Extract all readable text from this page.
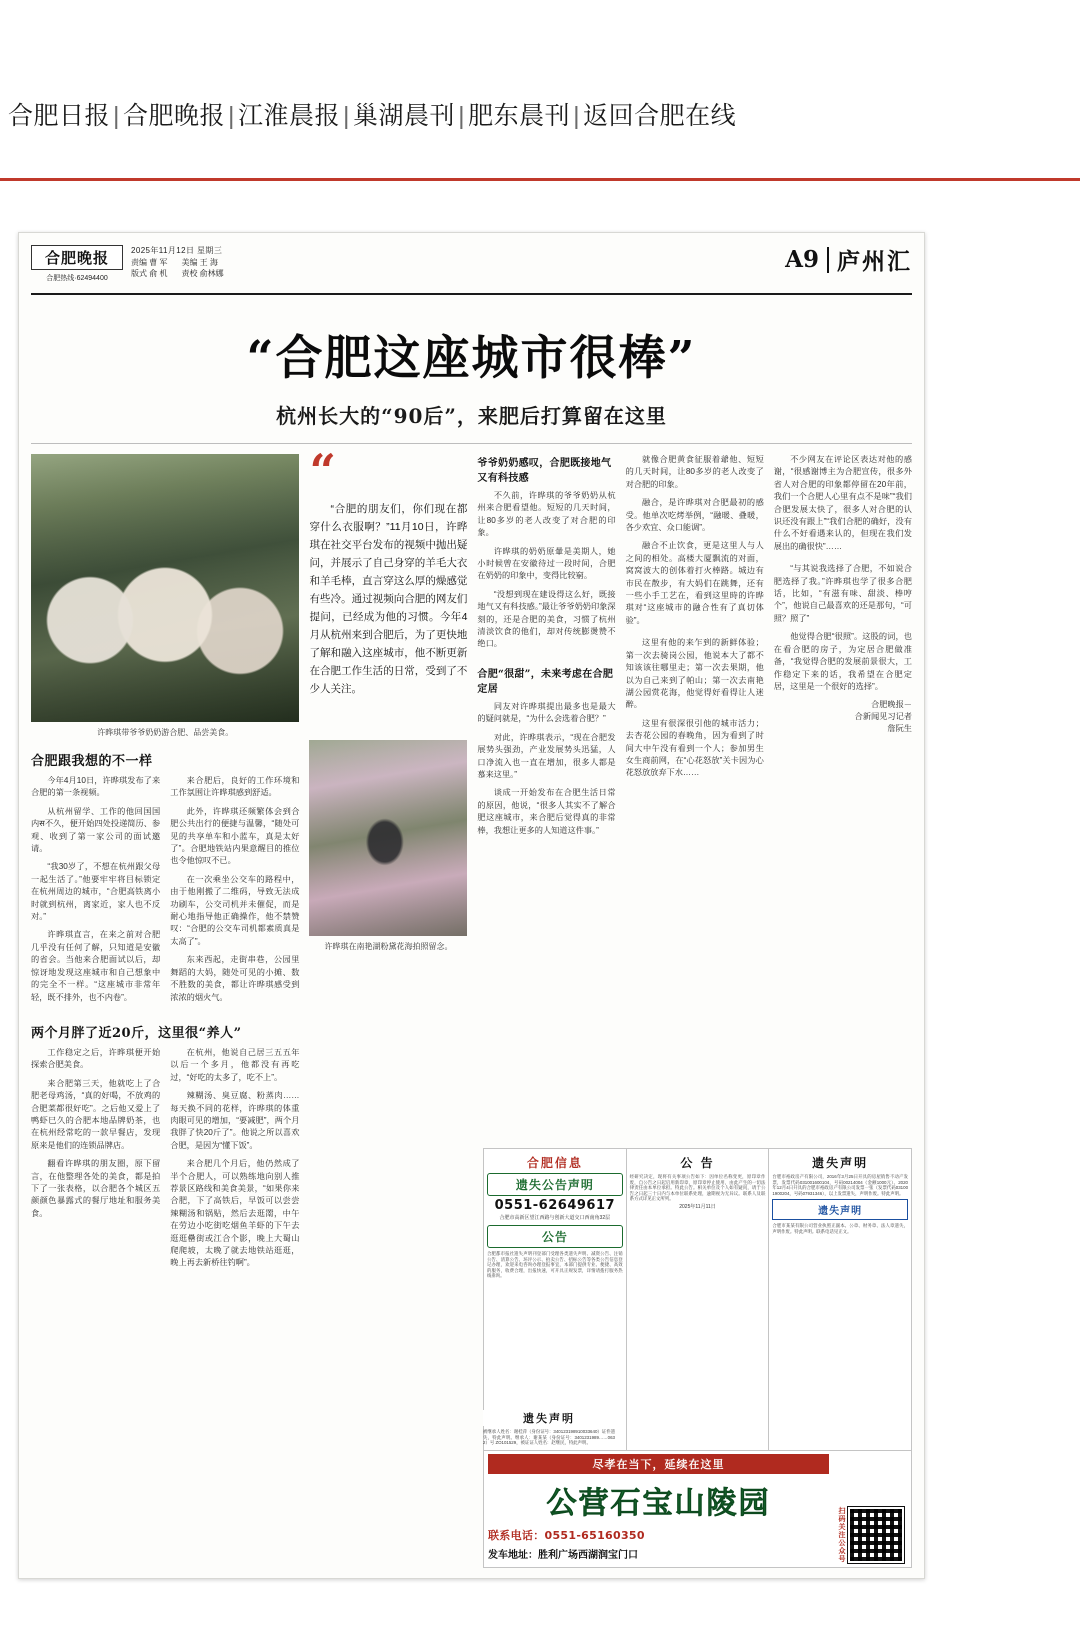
合肥日报 | 合肥晚报 | 江淮晨报 | 巢湖晨刊 | 肥东晨刊 | 返回合肥在线
合肥晚报
合肥热线·62494400
2025年11月12日 星期三
责编 曹 军
版式 俞 机
美编 王 海
责校 俞林娜
A9 庐州汇
“合肥这座城市很棒”
杭州长大的“90后”，来肥后打算留在这里
许晔琪带爷爷奶奶游合肥、品尝美食。
合肥跟我想的不一样

今年4月10日，许晔琪发布了来合肥的第一条视频。

从杭州留学、工作的他回国国内स不久，便开始四处投递简历、参观、收到了第一家公司的面试邀请。

“我30岁了，不想在杭州跟父母一起生活了。”他要牢牢将目标锁定在杭州周边的城市，“合肥高铁离小时就到杭州，离家近，家人也不反对。”

许晔琪直言，在来之前对合肥几乎没有任何了解，只知道是安徽的省会。当他来合肥面试以后，却惊讶地发现这座城市和自己想象中的完全不一样。“这座城市非常年轻，既不排外，也不内卷”。

来合肥后，良好的工作环境和工作氛围让许晔琪感到舒适。

此外，许晔琪还频繁体会到合肥公共出行的便捷与温馨，“随处可见的共享单车和小蓝车，真是太好了”。合肥地铁站内果意醒目的推位也令他惊叹不已。

在一次乘坐公交车的路程中，由于他刚搬了二维码，导致无法成功刷车，公交司机并未催促，而是耐心地指导他正确操作，他不禁赞叹：“合肥的公交车司机都素质真是太高了”。

东来西起，走街串巷，公园里舞蹈的大妈，随处可见的小摊、数不胜数的美食，都让许晔琪感受到浓浓的烟火气。

两个月胖了近20斤，这里很“养人”

工作稳定之后，许晔琪便开始探索合肥美食。

来合肥第三天，他就吃上了合肥老母鸡汤，“真的好喝，不放鸡的合肥菜都很好吃”。之后他又爱上了鸭虾巳久的合肥本地品牌奶茶，也在杭州经常吃的一款早餐店，发现原来是他们的连锁品牌店。

翻看许晔琪的朋友圈，原下留言，在他整理各处的美食，都是拍下了一张表格，以合肥各个城区五颜颜色暴露式的餐厅地址和服务美食。

在杭州，他说自己居三五五年以后一个多月，他都没有再吃过，“好吃的太多了，吃不上”。

辣糊汤、臭豆腐、粉蒸肉……每天换不同的花样，许晔琪的体重肉眼可见的增加，“要减肥”，两个月我胖了快20斤了”。他说之所以喜欢合肥，是因为“懂下饭”。

来合肥几个月后，他仍然成了半个合肥人，可以熟练地向别人推荐景区路线和美食美景，“如果你来合肥，下了高铁后，早饭可以尝尝辣糊汤和锅贴，然后去逛罱，中午在劳边小吃街吃烟鱼羊虾的下午去逛逛罍街或江合个影，晚上大蜀山爬爬坡，太晚了就去地铁站逛逛，晚上再去新桥往钓啊”。

“

“合肥的朋友们，你们现在都穿什么衣服啊？”11月10日，许晔琪在社交平台发布的视频中抛出疑问，并展示了自己身穿的羊毛大衣和羊毛棒，直言穿这么厚的燥感觉有些冷。通过视频向合肥的网友们提问，已经成为他的习惯。今年4月从杭州来到合肥后，为了更快地了解和融入这座城市，他不断更新在合肥工作生活的日常，受到了不少人关注。

许晔琪在南艳湖粉黛花海拍照留念。
爷爷奶奶感叹，合肥既接地气又有科技感

不久前，许晔琪的爷爷奶奶从杭州来合肥看望他。短短的几天时间，让80多岁的老人改变了对合肥的印象。

许晔琪的奶奶原暈是美期人，她小时候曾在安徽待过一段时间，合肥在奶奶的印象中，变得比较窮。

“没想到现在建设得这么好，既接地气又有科技感。”最让爷爷奶奶印象深刻的，还是合肥的美食，习惯了杭州清淡饮食的他们，却对传统膨燙赞不绝口。

合肥“很甜”，未来考虑在合肥定居

同友对许晔琪提出最多也是最大的疑问就是，“为什么会选着合肥？”

对此，许晔琪表示，“现在合肥发展势头强劲，产业发展势头迅猛，人口净流入也一直在增加，很多人都是慕来这里。”

谈成一开始发布在合肥生活日常的原因，他说，“很多人其实不了解合肥这座城市，来合肥后觉得真的非常棒，我想让更多的人知道这件事。”

就像合肥黄食征服着爺他、短短的几天时间，让80多岁的老人改变了对合肥的印象。

融合，是许晔琪对合肥最初的感受。他单次吃烤举例，“融暖、叠暖，各少欢宜、众口能调”。

融合不止饮食，更是这里人与人之间的相处。高楼大厦飘流的对面，窝窝波大的创体着打火棒路。城边有市民在散步，有大妈们在跳舞，还有一些小手工艺在，看到这里時的许晔琪对“这座城市的融合性有了真切体验”。

这里有他的来乍到的新鲜体验；第一次去骑岗公园，他说本大了都不知该该往哪里走；第一次去果期，他以为自己来到了帕山；第一次去南艳湖公园赏花海，他觉得好看得让人迷醉。

这里有很深很引他的城市活力；去杏花公园的春晚角，因为看到了时间大中午没有看到一个人；参加男生女生商前网，在“心花怒放”关卡因为心花怒放放弃下水……

不少网友在评论区表达对他的感谢，“很感谢博主为合肥宣传，很多外省人对合肥的印象都停留在20年前，我们一个合肥人心里有点不是味”“我们合肥发展太快了，很多人对合肥的认识还没有跟上”“我们合肥的确好，没有什么不好看遇来认的，但现在我们发展出的确很快”……

“与其说我选择了合肥，不如说合肥选择了我。”许晔琪也学了很多合肥话，比如，“有滋有味、甜淡、棒哼个”，他说自己最喜欢的还是那句，“可照？照了”

他觉得合肥“很照”。这股的词，也在看合肥的房子，为定居合肥做准备，“我觉得合肥的发展前景很大，工作稳定下来的话，我希望在合肥定居，这里是一个很好的选择”。

合肥晚报－
合新闻见习记者
詹阮生
合肥信息
遗失公告声明
0551-62649617
合肥市高新区望江西路与创新大道交口西南角32层
公告
合肥都市报社遗失声明刊登部门受理各类遗失声明、减资公告、注销公告、清算公告、环评公示、拍卖公告、招标公告等各类公告信息登记办理，欢迎来电咨询办理登报事宜，本部门提供专业、便捷、高效的服务，收费合理，出报快速，可开具正规发票，详情请拨打服务热线垂询。
公 告
经研究决定，现将有关事项公告如下：因单位名称变更，原印章作废，自公告之日起启用新印章，原印章停止使用，由此产生的一切法律责任由本单位承担。特此公告。相关单位及个人如有疑问，请于公告之日起三十日内与本单位联系处理，逾期视为无异议。联系人及联系方式详见正文所列。
2025年11月11日
遗失声明
台肥市裕政房产有限公司，2016年3月25日开具的房屋销售不动产发票，发票代码031001600104，号码00214004（金额1000元）、2020年12月4日开具的合肥市裕政房产有限公司发票一张（发票代码031001900204，号码07931346），以上发票遗失，声明作废。特此声明。
遗失声明
合肥市某某有限公司营业执照正副本、公章、财务章、法人章遗失，声明作废。特此声明。联系电话见正文。
尽孝在当下，延续在这里
公营石宝山陵园
联系电话：0551-65160350
发车地址：胜利广场西湖润宝门口	扫码关注公众号
遗失声明
被继承人姓名：谢桂萍（身份证号：340123198910033640）证件遗失，特此声明。继承人：谢某某（身份证号：3401231989……0632）号 ZO101529，被证证人姓名：赵继民，特此声明。
